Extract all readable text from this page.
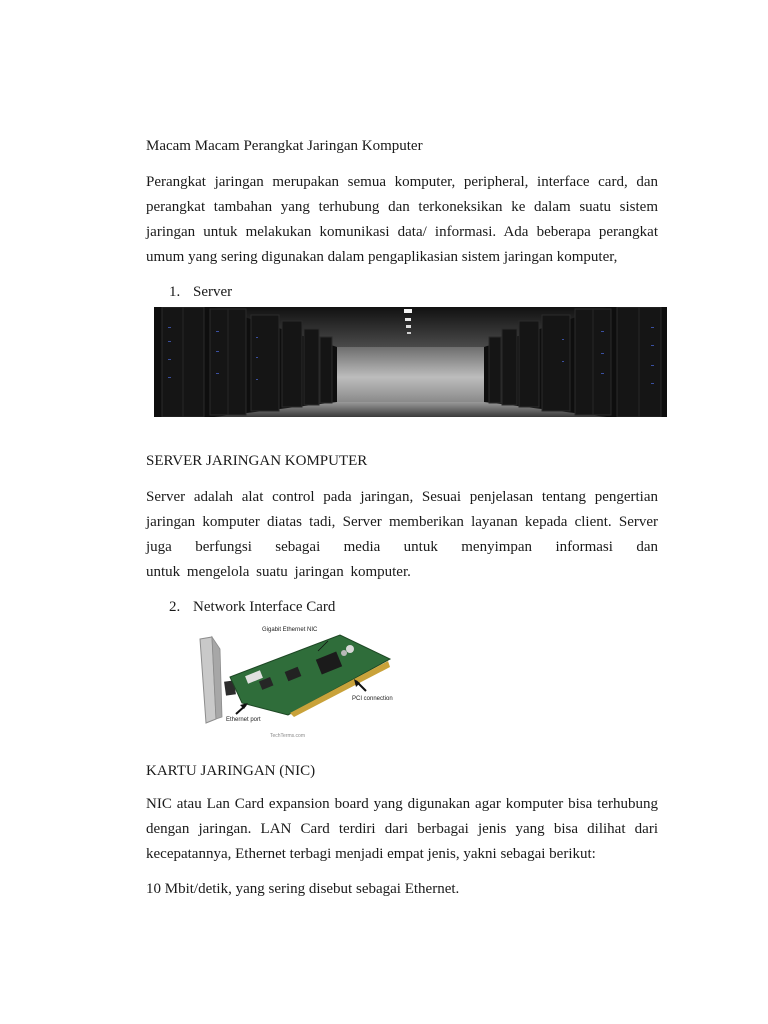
Macam Macam Perangkat Jaringan Komputer
Perangkat jaringan merupakan semua komputer, peripheral, interface card, dan
perangkat tambahan yang terhubung dan terkoneksikan ke dalam suatu sistem
jaringan untuk melakukan komunikasi data/ informasi. Ada beberapa perangkat
umum yang sering digunakan dalam pengaplikasian sistem jaringan komputer,
1. Server
SERVER JARINGAN KOMPUTER
Server adalah alat control pada jaringan, Sesuai penjelasan tentang pengertian
jaringan komputer diatas tadi, Server memberikan layanan kepada client. Server
juga berfungsi sebagai media untuk menyimpan informasi dan
untuk mengelola suatu jaringan komputer.
2. Network Interface Card
Gigabit Ethernet NIC
Ethernet port
PCI connection
TechTerms.com
KARTU JARINGAN (NIC)
NIC atau Lan Card expansion board yang digunakan agar komputer bisa terhubung
dengan jaringan. LAN Card terdiri dari berbagai jenis yang bisa dilihat dari
kecepatannya, Ethernet terbagi menjadi empat jenis, yakni sebagai berikut:
10 Mbit/detik, yang sering disebut sebagai Ethernet.
